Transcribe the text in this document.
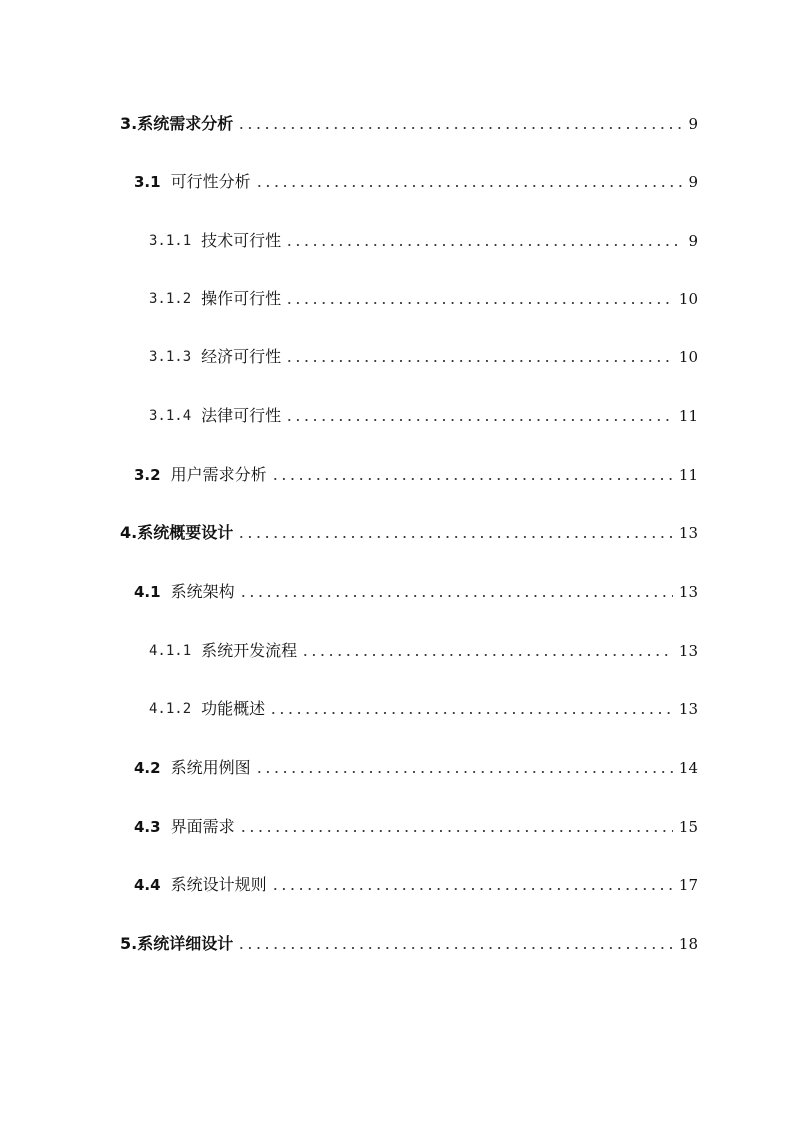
3. 系统需求分析	9
3.1 可行性分析	9
3.1.1 技术可行性	9
3.1.2 操作可行性	10
3.1.3 经济可行性	10
3.1.4 法律可行性	11
3.2 用户需求分析	11
4. 系统概要设计	13
4.1 系统架构	13
4.1.1 系统开发流程	13
4.1.2 功能概述	13
4.2 系统用例图	14
4.3 界面需求	15
4.4 系统设计规则	17
5. 系统详细设计	18
